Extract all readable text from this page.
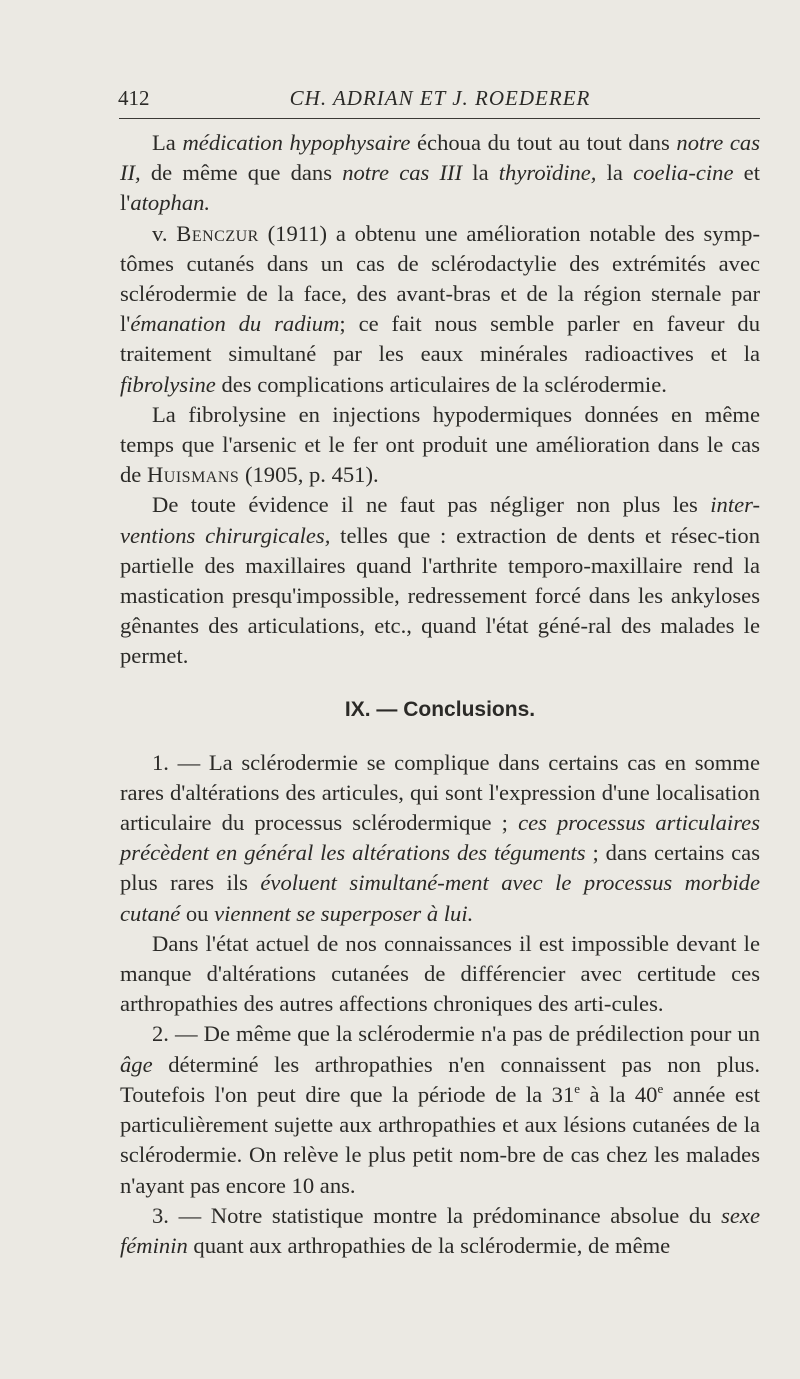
412	CH. ADRIAN ET J. ROEDERER

La médication hypophysaire échoua du tout au tout dans notre cas II, de même que dans notre cas III la thyroïdine, la coelia-cine et l'atophan.

v. Benczur (1911) a obtenu une amélioration notable des symp-tômes cutanés dans un cas de sclérodactylie des extrémités avec sclérodermie de la face, des avant-bras et de la région sternale par l'émanation du radium; ce fait nous semble parler en faveur du traitement simultané par les eaux minérales radioactives et la fibrolysine des complications articulaires de la sclérodermie.

La fibrolysine en injections hypodermiques données en même temps que l'arsenic et le fer ont produit une amélioration dans le cas de Huismans (1905, p. 451).

De toute évidence il ne faut pas négliger non plus les inter-ventions chirurgicales, telles que : extraction de dents et résec-tion partielle des maxillaires quand l'arthrite temporo-maxillaire rend la mastication presqu'impossible, redressement forcé dans les ankyloses gênantes des articulations, etc., quand l'état géné-ral des malades le permet.

IX. — Conclusions.

1. — La sclérodermie se complique dans certains cas en somme rares d'altérations des articules, qui sont l'expression d'une localisation articulaire du processus sclérodermique ; ces processus articulaires précèdent en général les altérations des téguments ; dans certains cas plus rares ils évoluent simultané-ment avec le processus morbide cutané ou viennent se superposer à lui.

Dans l'état actuel de nos connaissances il est impossible devant le manque d'altérations cutanées de différencier avec certitude ces arthropathies des autres affections chroniques des arti-cules.

2. — De même que la sclérodermie n'a pas de prédilection pour un âge déterminé les arthropathies n'en connaissent pas non plus. Toutefois l'on peut dire que la période de la 31e à la 40e année est particulièrement sujette aux arthropathies et aux lésions cutanées de la sclérodermie. On relève le plus petit nom-bre de cas chez les malades n'ayant pas encore 10 ans.

3. — Notre statistique montre la prédominance absolue du sexe féminin quant aux arthropathies de la sclérodermie, de même
